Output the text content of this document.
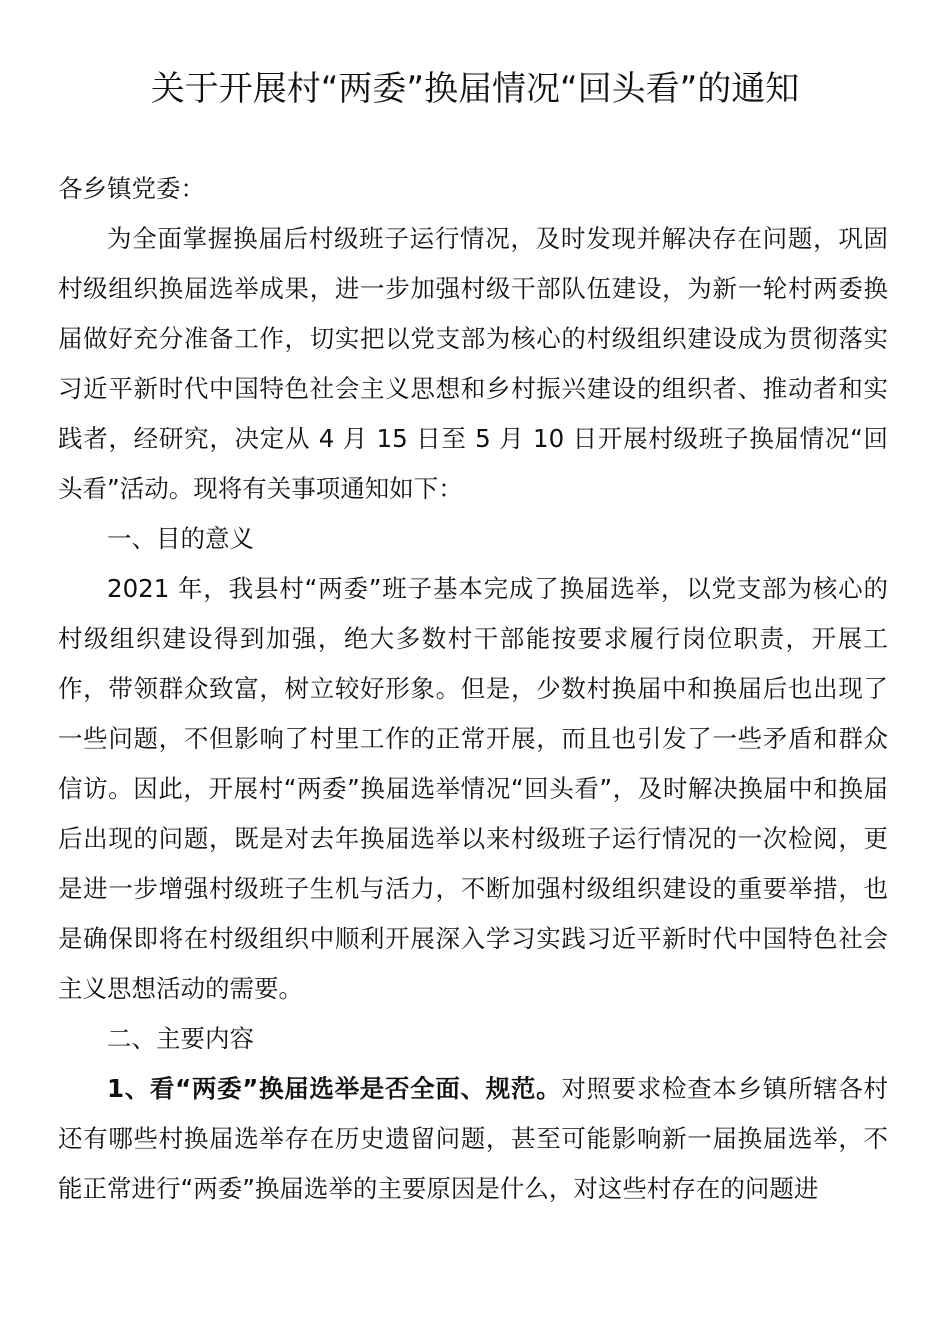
关于开展村“两委”换届情况“回头看”的通知

各乡镇党委：

为全面掌握换届后村级班子运行情况，及时发现并解决存在问题，巩固村级组织换届选举成果，进一步加强村级干部队伍建设，为新一轮村两委换届做好充分准备工作，切实把以党支部为核心的村级组织建设成为贯彻落实习近平新时代中国特色社会主义思想和乡村振兴建设的组织者、推动者和实践者，经研究，决定从 4 月 15 日至 5 月 10 日开展村级班子换届情况“回头看”活动。现将有关事项通知如下：

一、目的意义

2021 年，我县村“两委”班子基本完成了换届选举，以党支部为核心的村级组织建设得到加强，绝大多数村干部能按要求履行岗位职责，开展工作，带领群众致富，树立较好形象。但是，少数村换届中和换届后也出现了一些问题，不但影响了村里工作的正常开展，而且也引发了一些矛盾和群众信访。因此，开展村“两委”换届选举情况“回头看”，及时解决换届中和换届后出现的问题，既是对去年换届选举以来村级班子运行情况的一次检阅，更是进一步增强村级班子生机与活力，不断加强村级组织建设的重要举措，也是确保即将在村级组织中顺利开展深入学习实践习近平新时代中国特色社会主义思想活动的需要。

二、主要内容

1、看“两委”换届选举是否全面、规范。对照要求检查本乡镇所辖各村还有哪些村换届选举存在历史遗留问题，甚至可能影响新一届换届选举，不能正常进行“两委”换届选举的主要原因是什么，对这些村存在的问题进
